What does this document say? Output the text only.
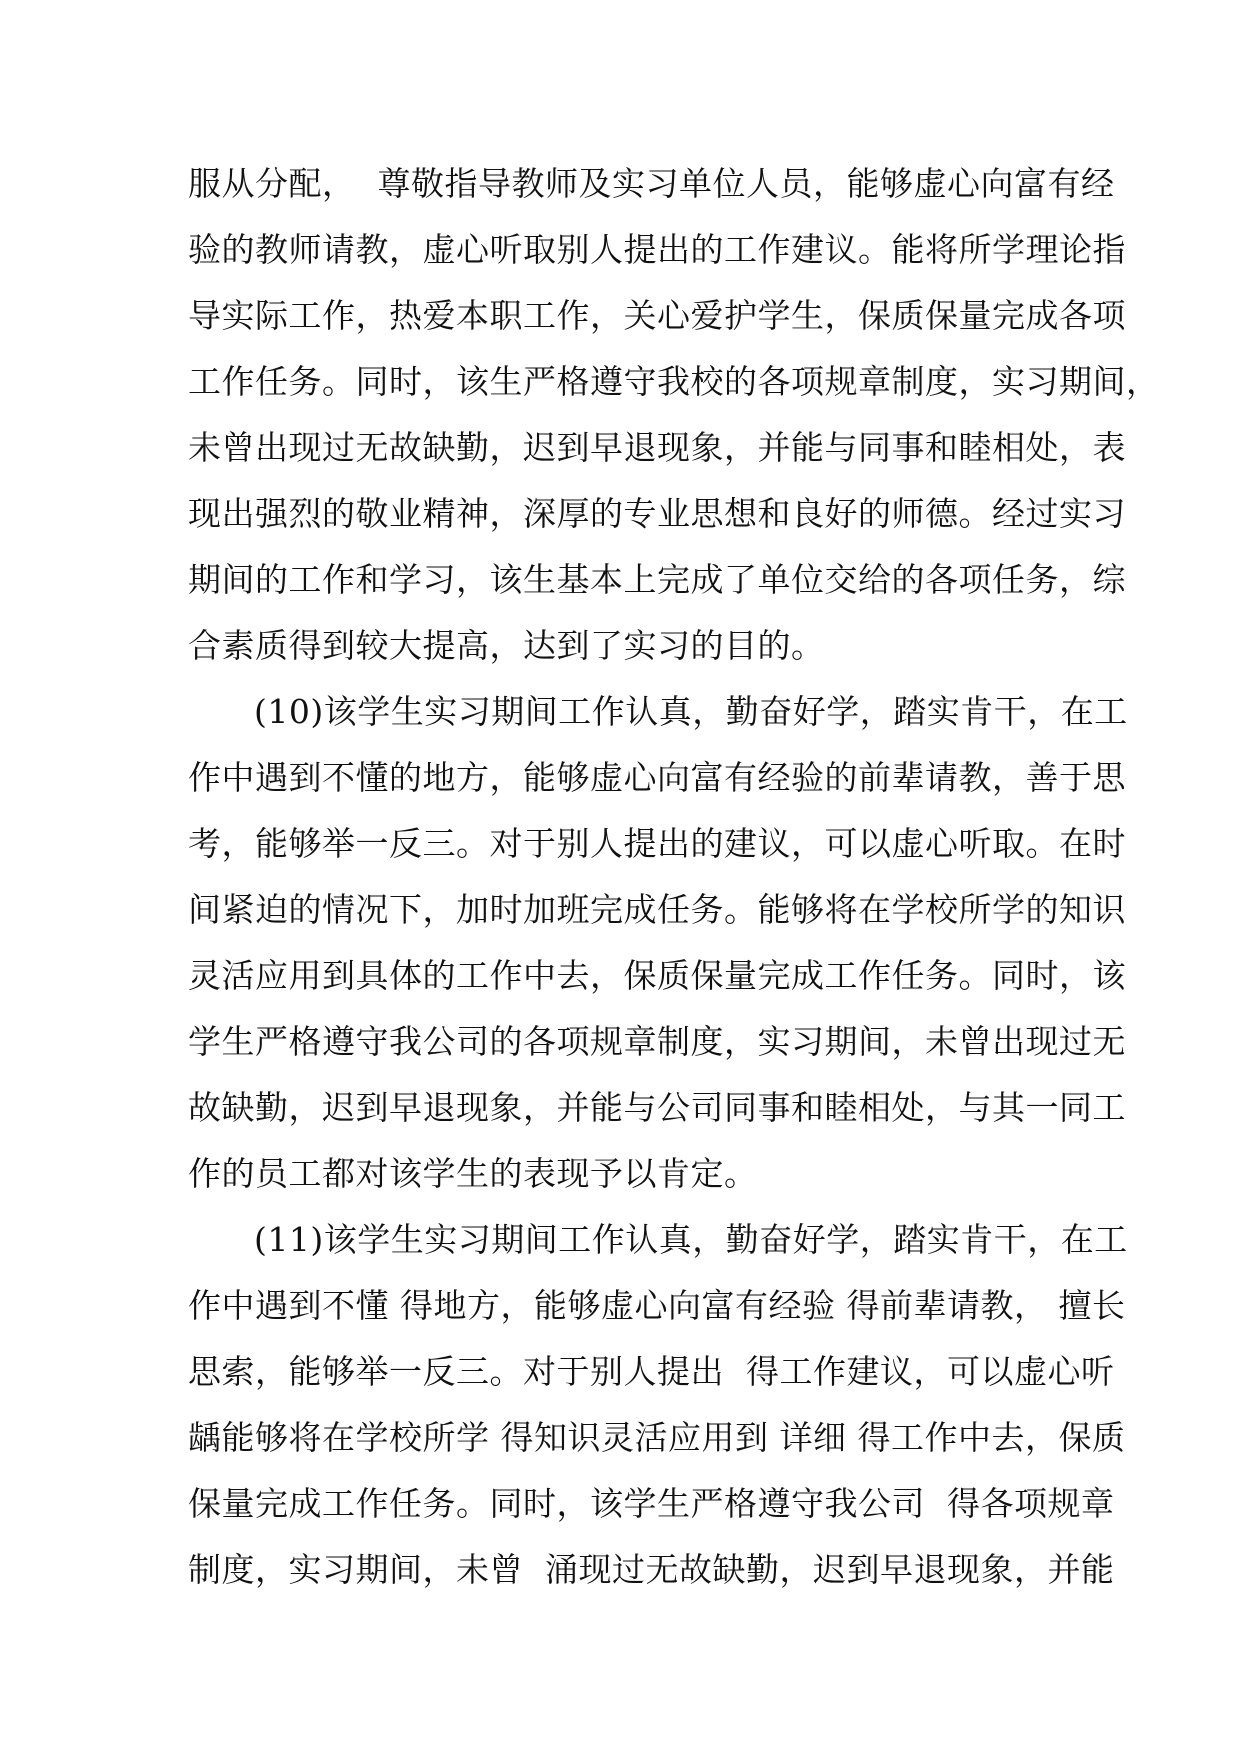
服从分配，  尊敬指导教师及实习单位人员，能够虚心向富有经
验的教师请教，虚心听取别人提出的工作建议。能将所学理论指
导实际工作，热爱本职工作，关心爱护学生，保质保量完成各项
工作任务。同时，该生严格遵守我校的各项规章制度，实习期间，
未曾出现过无故缺勤，迟到早退现象，并能与同事和睦相处，表
现出强烈的敬业精神，深厚的专业思想和良好的师德。经过实习
期间的工作和学习，该生基本上完成了单位交给的各项任务，综
合素质得到较大提高，达到了实习的目的。
(10)该学生实习期间工作认真，勤奋好学，踏实肯干，在工
作中遇到不懂的地方，能够虚心向富有经验的前辈请教，善于思
考，能够举一反三。对于别人提出的建议，可以虚心听取。在时
间紧迫的情况下，加时加班完成任务。能够将在学校所学的知识
灵活应用到具体的工作中去，保质保量完成工作任务。同时，该
学生严格遵守我公司的各项规章制度，实习期间，未曾出现过无
故缺勤，迟到早退现象，并能与公司同事和睦相处，与其一同工
作的员工都对该学生的表现予以肯定。
(11)该学生实习期间工作认真，勤奋好学，踏实肯干，在工
作中遇到不懂 得地方，能够虚心向富有经验 得前辈请教， 擅长
思索，能够举一反三。对于别人提出  得工作建议，可以虚心听
龋能够将在学校所学 得知识灵活应用到 详细 得工作中去，保质
保量完成工作任务。同时，该学生严格遵守我公司  得各项规章
制度，实习期间，未曾  涌现过无故缺勤，迟到早退现象，并能
